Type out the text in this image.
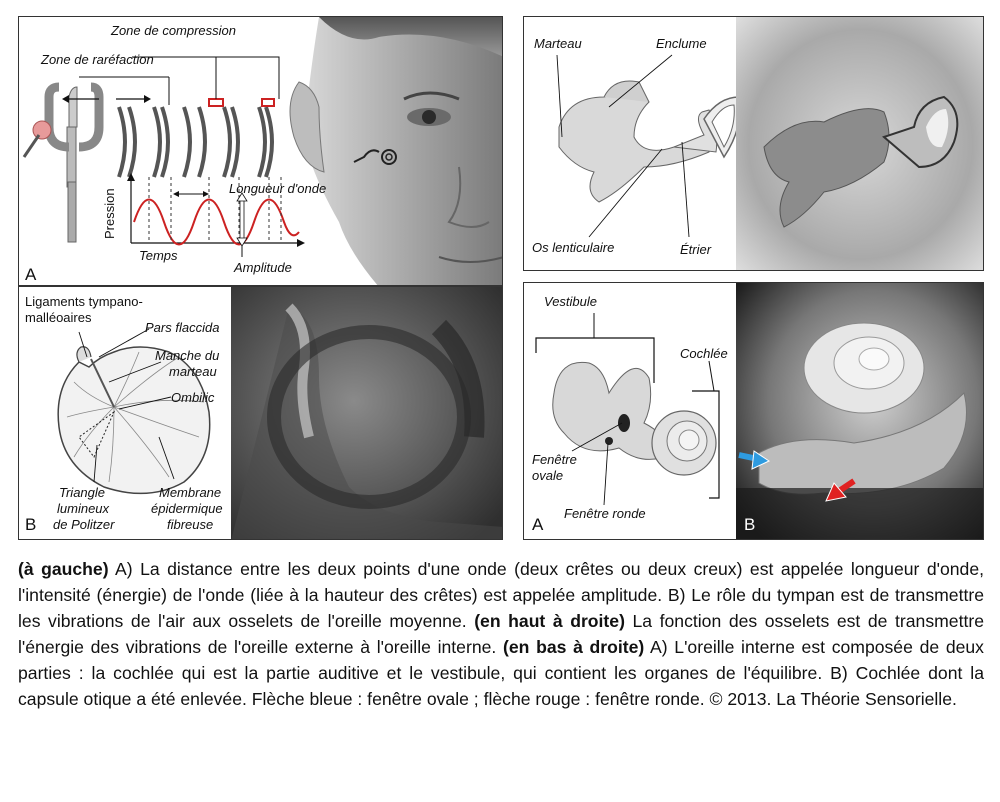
Zone de compression
Zone de raréfaction
Longueur d'onde
Pression
Temps
Amplitude
A
Ligaments tympano-
malléoaires
Pars flaccida
Manche du
marteau
Ombilic
Triangle
lumineux
de Politzer
Membrane
épidermique
fibreuse
B
Marteau	Enclume
Os lenticulaire	Étrier
Vestibule
Cochlée
Fenêtre
ovale
Fenêtre ronde
A	B
(à gauche) A) La distance entre les deux points d'une onde (deux crêtes ou deux creux) est appelée longueur d'onde, l'intensité (énergie) de l'onde (liée à la hauteur des crêtes) est appelée amplitude. B) Le rôle du tympan est de transmettre les vibrations de l'air aux osselets de l'oreille moyenne. (en haut à droite) La fonction des osselets est de transmettre l'énergie des vibrations de l'oreille externe à l'oreille interne. (en bas à droite) A) L'oreille interne est composée de deux parties : la cochlée qui est la partie auditive et le vestibule, qui contient les organes de l'équilibre. B) Cochlée dont la capsule otique a été enlevée. Flèche bleue : fenêtre ovale ; flèche rouge : fenêtre ronde. © 2013. La Théorie Sensorielle.
